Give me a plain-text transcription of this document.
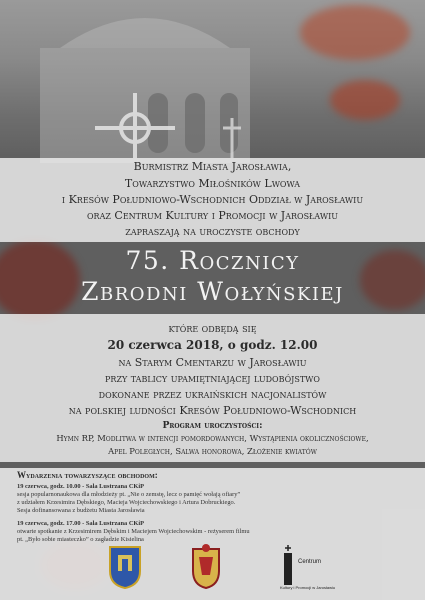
Burmistrz Miasta Jarosławia,
Towarzystwo Miłośników Lwowa
i Kresów Południowo-Wschodnich Oddział w Jarosławiu
oraz Centrum Kultury i Promocji w Jarosławiu
zapraszają na uroczyste obchody
75. Rocznicy
Zbrodni Wołyńskiej
które odbędą się
20 czerwca 2018, o godz. 12.00
na Starym Cmentarzu w Jarosławiu
przy tablicy upamiętniającej ludobójstwo
dokonane przez ukraińskich nacjonalistów
na polskiej ludności Kresów Południowo-Wschodnich
Program uroczystości:
Hymn RP, Modlitwa w intencji pomordowanych, Wystąpienia okolicznościowe,
Apel Poległych, Salwa honorowa, Złożenie kwiatów
Wydarzenia towarzyszące obchodom:
19 czerwca, godz. 10.00 - Sala Lustrzana CKiP
sesja popularnonaukowa dla młodzieży pt. „Nie o zemstę, lecz o pamięć wołają ofiary”
z udziałem Krzesimira Dębskiego, Macieja Wojciechowskiego i Artura Dobruckiego.
Sesja dofinansowana z budżetu Miasta Jarosławia
19 czerwca, godz. 17.00 - Sala Lustrzana CKiP
otwarte spotkanie z Krzesimirem Dębskim i Maciejem Wojciechowskim - reżyserem filmu
pt. „Było sobie miasteczko” o zagładzie Kisielina
Centrum
Kultury i Promocji w Jarosławiu
